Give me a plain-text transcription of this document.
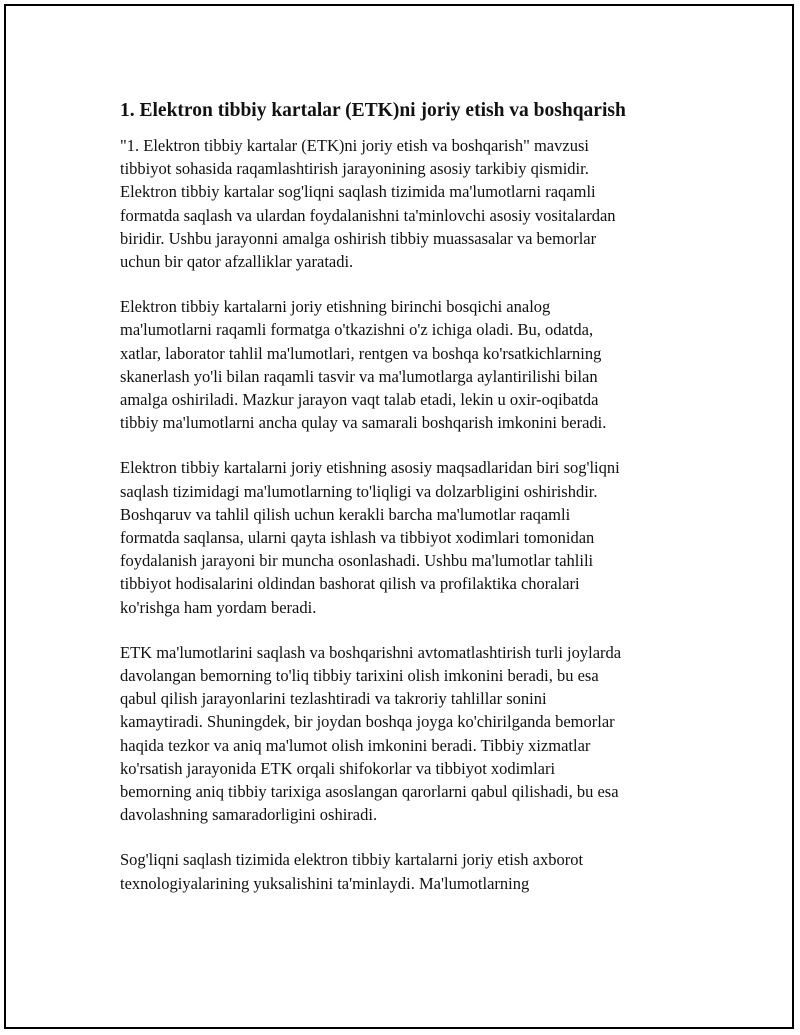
1. Elektron tibbiy kartalar (ETK)ni joriy etish va boshqarish

"1. Elektron tibbiy kartalar (ETK)ni joriy etish va boshqarish" mavzusi
tibbiyot sohasida raqamlashtirish jarayonining asosiy tarkibiy qismidir.
Elektron tibbiy kartalar sog'liqni saqlash tizimida ma'lumotlarni raqamli
formatda saqlash va ulardan foydalanishni ta'minlovchi asosiy vositalardan
biridir. Ushbu jarayonni amalga oshirish tibbiy muassasalar va bemorlar
uchun bir qator afzalliklar yaratadi.

Elektron tibbiy kartalarni joriy etishning birinchi bosqichi analog
ma'lumotlarni raqamli formatga o'tkazishni o'z ichiga oladi. Bu, odatda,
xatlar, laborator tahlil ma'lumotlari, rentgen va boshqa ko'rsatkichlarning
skanerlash yo'li bilan raqamli tasvir va ma'lumotlarga aylantirilishi bilan
amalga oshiriladi. Mazkur jarayon vaqt talab etadi, lekin u oxir-oqibatda
tibbiy ma'lumotlarni ancha qulay va samarali boshqarish imkonini beradi.

Elektron tibbiy kartalarni joriy etishning asosiy maqsadlaridan biri sog'liqni
saqlash tizimidagi ma'lumotlarning to'liqligi va dolzarbligini oshirishdir.
Boshqaruv va tahlil qilish uchun kerakli barcha ma'lumotlar raqamli
formatda saqlansa, ularni qayta ishlash va tibbiyot xodimlari tomonidan
foydalanish jarayoni bir muncha osonlashadi. Ushbu ma'lumotlar tahlili
tibbiyot hodisalarini oldindan bashorat qilish va profilaktika choralari
ko'rishga ham yordam beradi.

ETK ma'lumotlarini saqlash va boshqarishni avtomatlashtirish turli joylarda
davolangan bemorning to'liq tibbiy tarixini olish imkonini beradi, bu esa
qabul qilish jarayonlarini tezlashtiradi va takroriy tahlillar sonini
kamaytiradi. Shuningdek, bir joydan boshqa joyga ko'chirilganda bemorlar
haqida tezkor va aniq ma'lumot olish imkonini beradi. Tibbiy xizmatlar
ko'rsatish jarayonida ETK orqali shifokorlar va tibbiyot xodimlari
bemorning aniq tibbiy tarixiga asoslangan qarorlarni qabul qilishadi, bu esa
davolashning samaradorligini oshiradi.

Sog'liqni saqlash tizimida elektron tibbiy kartalarni joriy etish axborot
texnologiyalarining yuksalishini ta'minlaydi. Ma'lumotlarning
